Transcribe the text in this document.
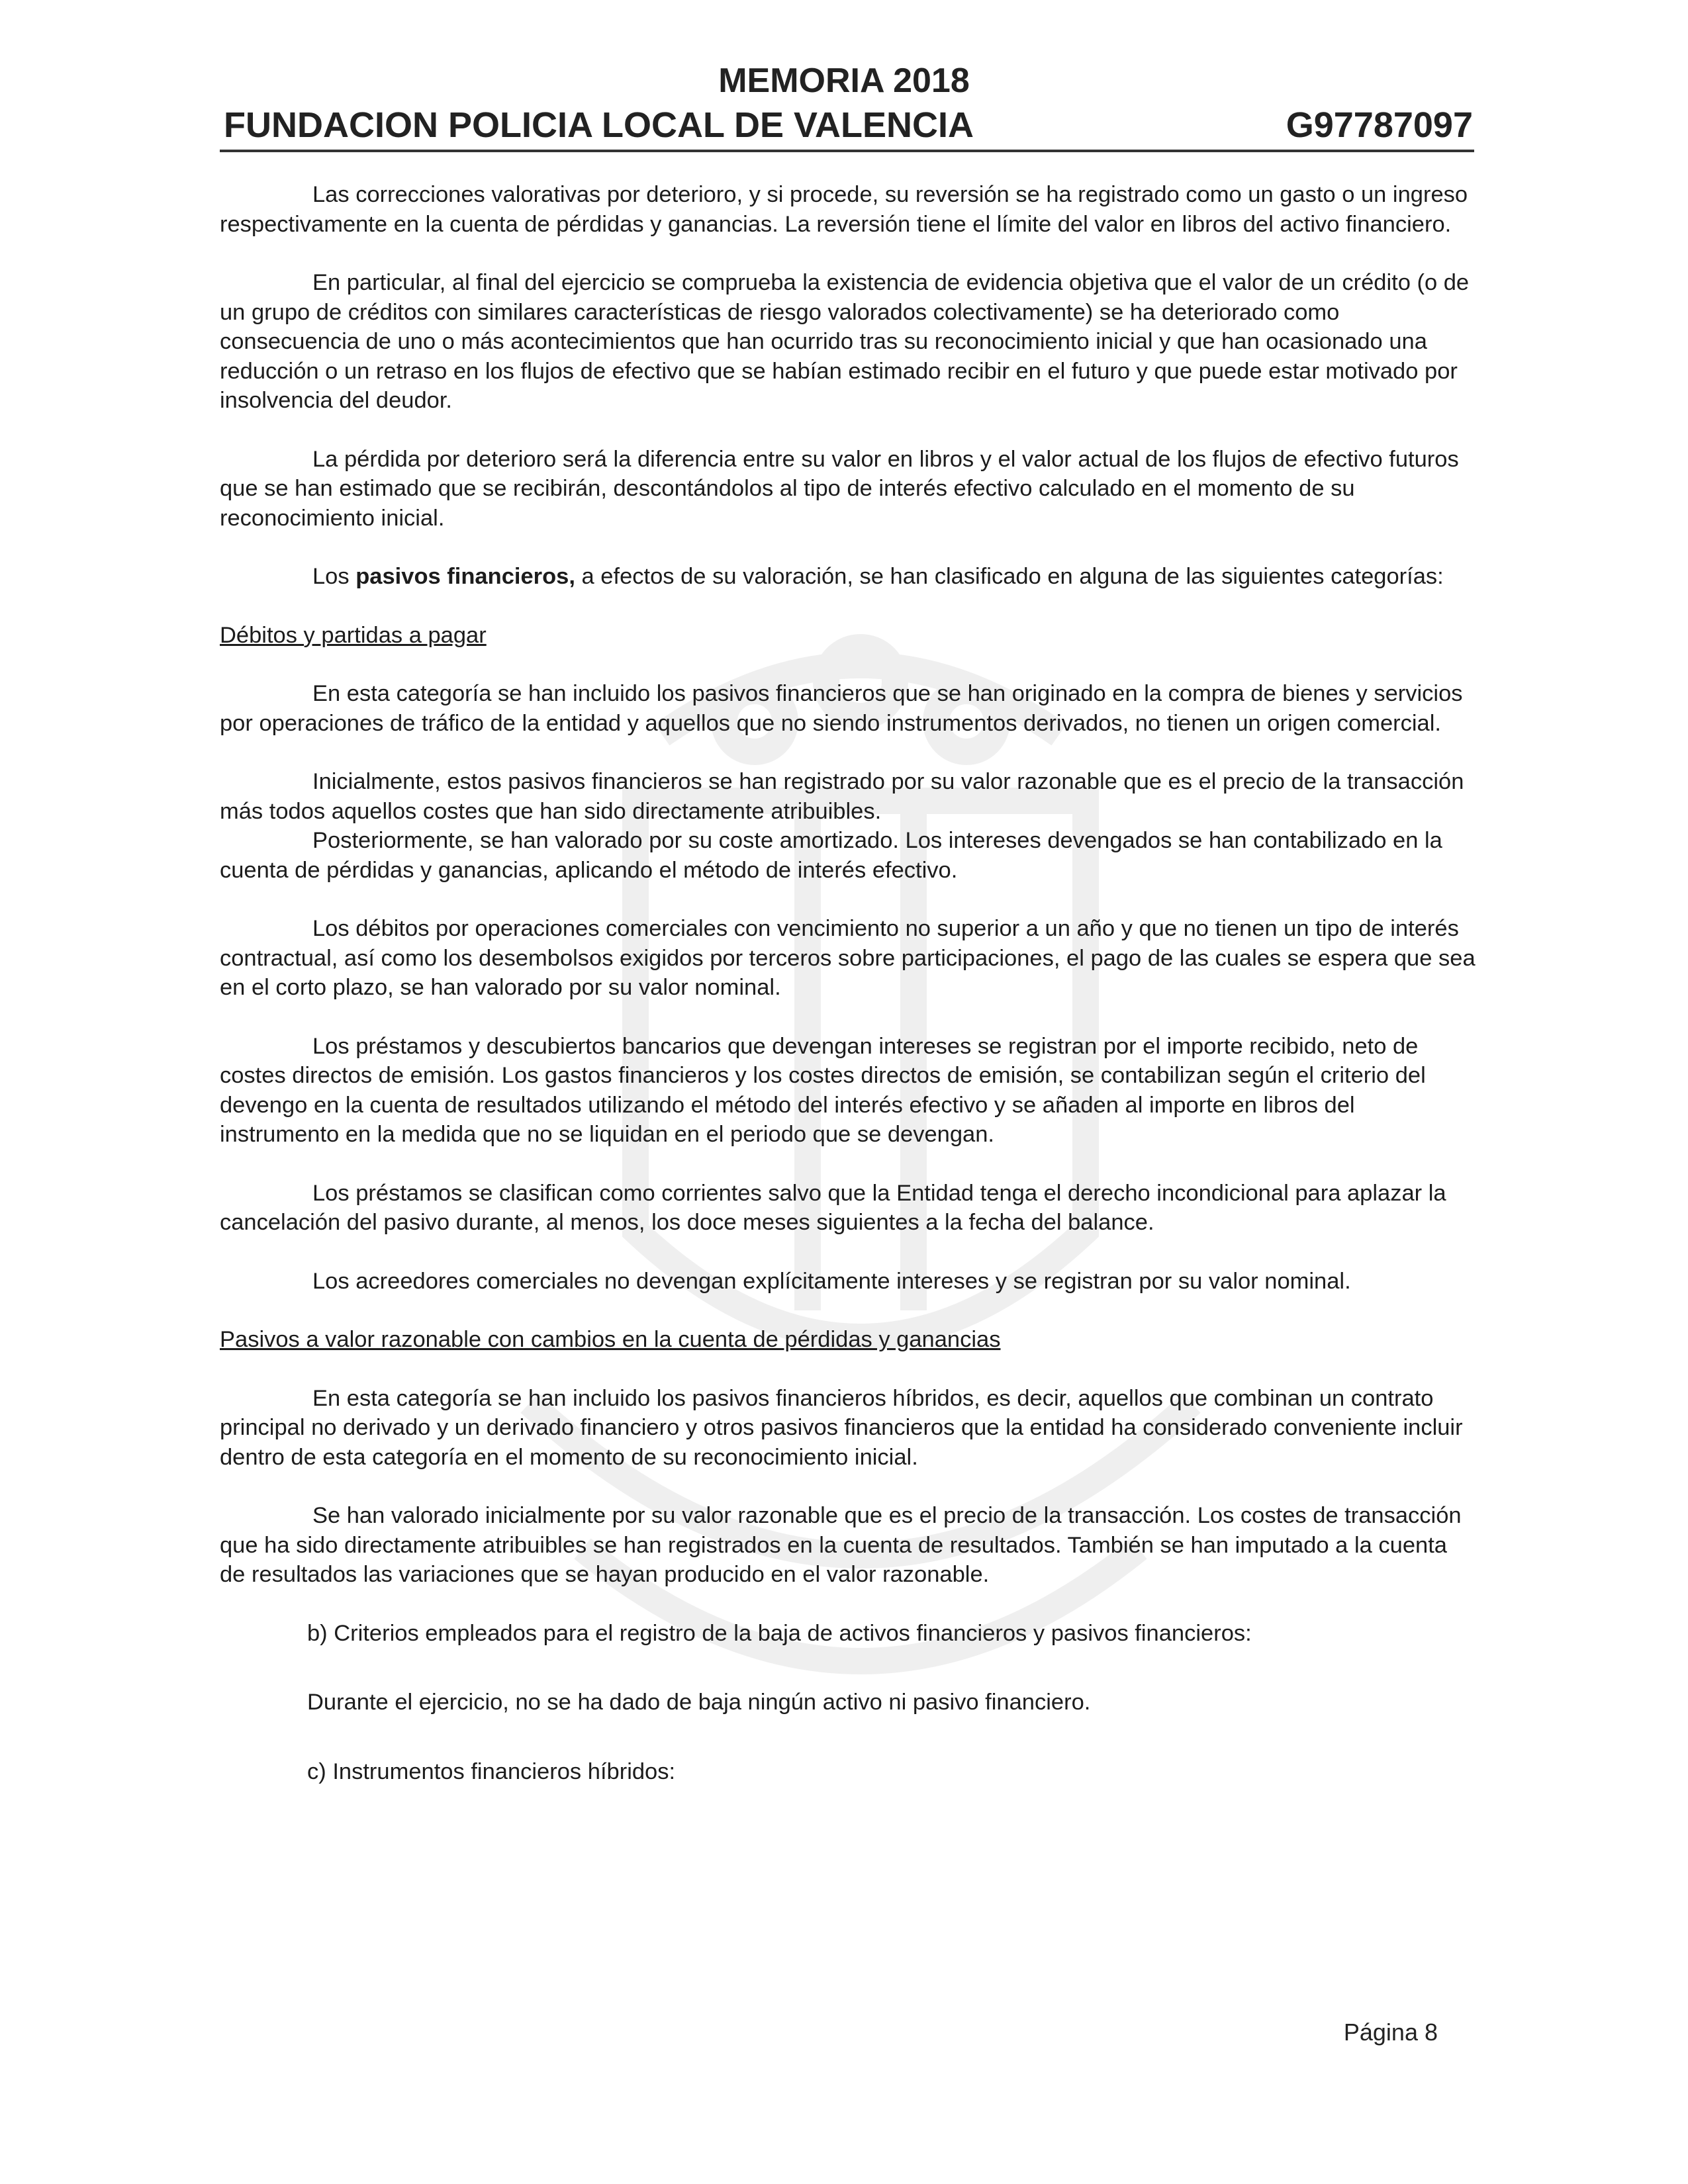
MEMORIA 2018
FUNDACION POLICIA LOCAL DE VALENCIA	G97787097

Las correcciones valorativas por deterioro, y si procede, su reversión se ha registrado como un gasto o un ingreso respectivamente en la cuenta de pérdidas y ganancias. La reversión tiene el límite del valor en libros del activo financiero.

En particular, al final del ejercicio se comprueba la existencia de evidencia objetiva que el valor de un crédito (o de un grupo de créditos con similares características de riesgo valorados colectivamente) se ha deteriorado como consecuencia de uno o más acontecimientos que han ocurrido tras su reconocimiento inicial y que han ocasionado una reducción o un retraso en los flujos de efectivo que se habían estimado recibir en el futuro y que puede estar motivado por insolvencia del deudor.

La pérdida por deterioro será la diferencia entre su valor en libros y el valor actual de los flujos de efectivo futuros que se han estimado que se recibirán, descontándolos al tipo de interés efectivo calculado en el momento de su reconocimiento inicial.

Los pasivos financieros, a efectos de su valoración, se han clasificado en alguna de las siguientes categorías:

Débitos y partidas a pagar

En esta categoría se han incluido los pasivos financieros que se han originado en la compra de bienes y servicios por operaciones de tráfico de la entidad y aquellos que no siendo instrumentos derivados, no tienen un origen comercial.

Inicialmente, estos pasivos financieros se han registrado por su valor razonable que es el precio de la transacción más todos aquellos costes que han sido directamente atribuibles.

Posteriormente, se han valorado por su coste amortizado. Los intereses devengados se han contabilizado en la cuenta de pérdidas y ganancias, aplicando el método de interés efectivo.

Los débitos por operaciones comerciales con vencimiento no superior a un año y que no tienen un tipo de interés contractual, así como los desembolsos exigidos por terceros sobre participaciones, el pago de las cuales se espera que sea en el corto plazo, se han valorado por su valor nominal.

Los préstamos y descubiertos bancarios que devengan intereses se registran por el importe recibido, neto de costes directos de emisión. Los gastos financieros y los costes directos de emisión, se contabilizan según el criterio del devengo en la cuenta de resultados utilizando el método del interés efectivo y se añaden al importe en libros del instrumento en la medida que no se liquidan en el periodo que se devengan.

Los préstamos se clasifican como corrientes salvo que la Entidad tenga el derecho incondicional para aplazar la cancelación del pasivo durante, al menos, los doce meses siguientes a la fecha del balance.

Los acreedores comerciales no devengan explícitamente intereses y se registran por su valor nominal.

Pasivos a valor razonable con cambios en la cuenta de pérdidas y ganancias

En esta categoría se han incluido los pasivos financieros híbridos, es decir, aquellos que combinan un contrato principal no derivado y un derivado financiero y otros pasivos financieros que la entidad ha considerado conveniente incluir dentro de esta categoría en el momento de su reconocimiento inicial.

Se han valorado inicialmente por su valor razonable que es el precio de la transacción. Los costes de transacción que ha sido directamente atribuibles se han registrados en la cuenta de resultados. También se han imputado a la cuenta de resultados las variaciones que se hayan producido en el valor razonable.

b) Criterios empleados para el registro de la baja de activos financieros y pasivos financieros:

Durante el ejercicio, no se ha dado de baja ningún activo ni pasivo financiero.

c) Instrumentos financieros híbridos:

Página 8
